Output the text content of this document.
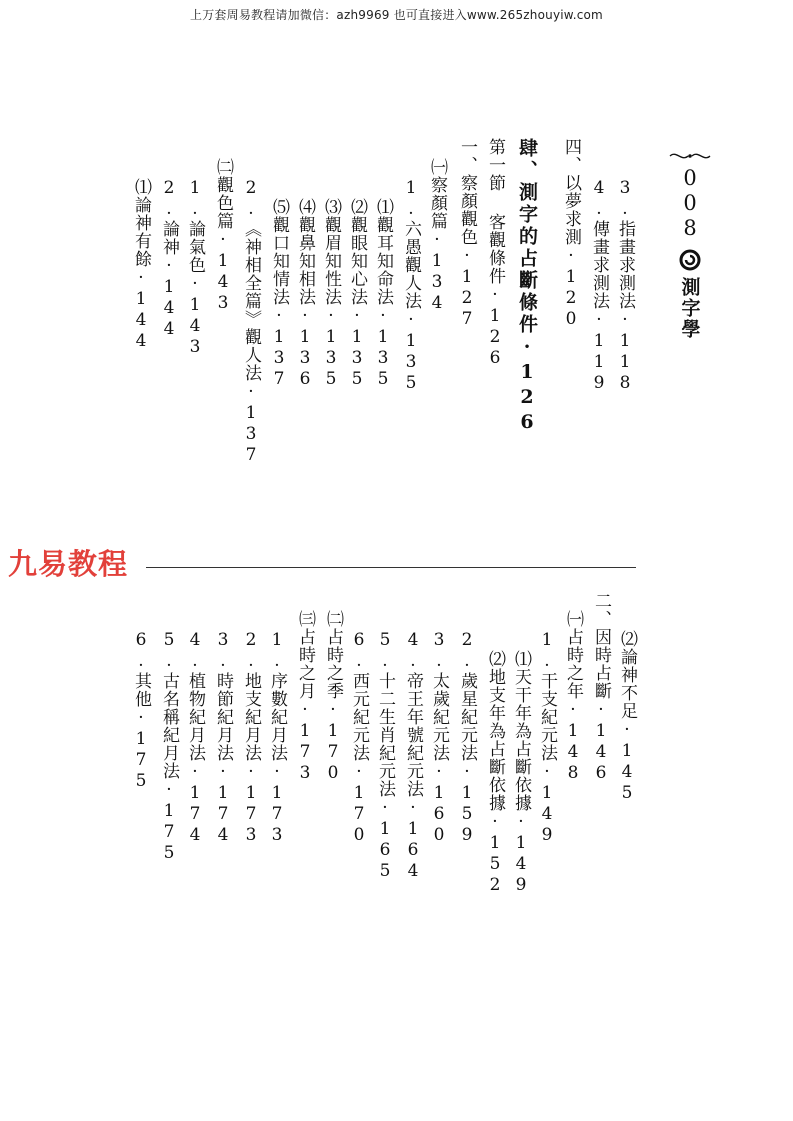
上万套周易教程请加微信：azh9969 也可直接进入www.265zhouyiw.com
008
測字學
3.指畫求測法·118
4.傳畫求測法·119
四、以夢求測·120
肆、測字的占斷條件·126
第一節 客觀條件·126
一、察顏觀色·127
㈠察顏篇·134
1.六愚觀人法·135
⑴觀耳知命法·135
⑵觀眼知心法·135
⑶觀眉知性法·135
⑷觀鼻知相法·136
⑸觀口知情法·137
2.《神相全篇》觀人法·137
㈡觀色篇·143
1.論氣色·143
2.論神·144
⑴論神有餘·144
九易教程
⑵論神不足·145
二、因時占斷·146
㈠占時之年·148
1.干支紀元法·149
⑴天干年為占斷依據·149
⑵地支年為占斷依據·152
2.歲星紀元法·159
3.太歲紀元法·160
4.帝王年號紀元法·164
5.十二生肖紀元法·165
6.西元紀元法·170
㈡占時之季·170
㈢占時之月·173
1.序數紀月法·173
2.地支紀月法·173
3.時節紀月法·174
4.植物紀月法·174
5.古名稱紀月法·175
6.其他·175
